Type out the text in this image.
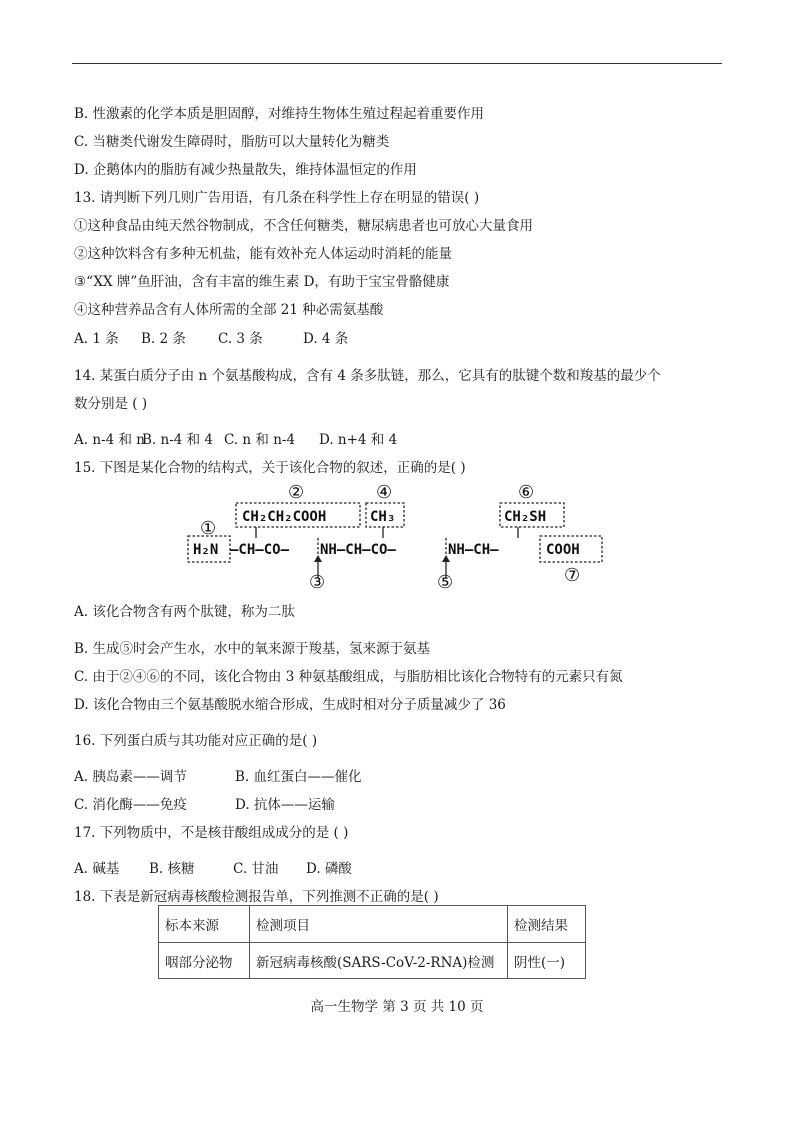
B. 性激素的化学本质是胆固醇，对维持生物体生殖过程起着重要作用
C. 当糖类代谢发生障碍时，脂肪可以大量转化为糖类
D. 企鹅体内的脂肪有减少热量散失，维持体温恒定的作用
13. 请判断下列几则广告用语，有几条在科学性上存在明显的错误( )
①这种食品由纯天然谷物制成，不含任何糖类，糖尿病患者也可放心大量食用
②这种饮料含有多种无机盐，能有效补充人体运动时消耗的能量
③“XX 牌”鱼肝油，含有丰富的维生素 D，有助于宝宝骨骼健康
④这种营养品含有人体所需的全部 21 种必需氨基酸
A. 1 条 B. 2 条 C. 3 条	D. 4 条
14. 某蛋白质分子由 n 个氨基酸构成，含有 4 条多肽链，那么，它具有的肽键个数和羧基的最少个
数分别是 ( )
A. n-4 和 nB. n-4 和 4 C. n 和 n-4 D. n+4 和 4
15. 下图是某化合物的结构式，关于该化合物的叙述，正确的是( )
CH₂CH₂COOH	CH₃	CH₂SH
H₂N —CH—CO— NH—CH—CO—	NH—CH—	COOH
①
②
③
④
⑤
⑥
⑦
A. 该化合物含有两个肽键，称为二肽
B. 生成⑤时会产生水，水中的氧来源于羧基，氢来源于氨基
C. 由于②④⑥的不同，该化合物由 3 种氨基酸组成，与脂肪相比该化合物特有的元素只有氮
D. 该化合物由三个氨基酸脱水缩合形成，生成时相对分子质量减少了 36
16. 下列蛋白质与其功能对应正确的是( )
A. 胰岛素——调节	B. 血红蛋白——催化
C. 消化酶——免疫	D. 抗体——运输
17. 下列物质中，不是核苷酸组成成分的是 ( )
A. 碱基 B. 核糖	C. 甘油 D. 磷酸
18. 下表是新冠病毒核酸检测报告单，下列推测不正确的是( )
标本来源	检测项目	检测结果
咽部分泌物	新冠病毒核酸(SARS-CoV-2-RNA)检测	阴性(一)
高一生物学 第 3 页 共 10 页
